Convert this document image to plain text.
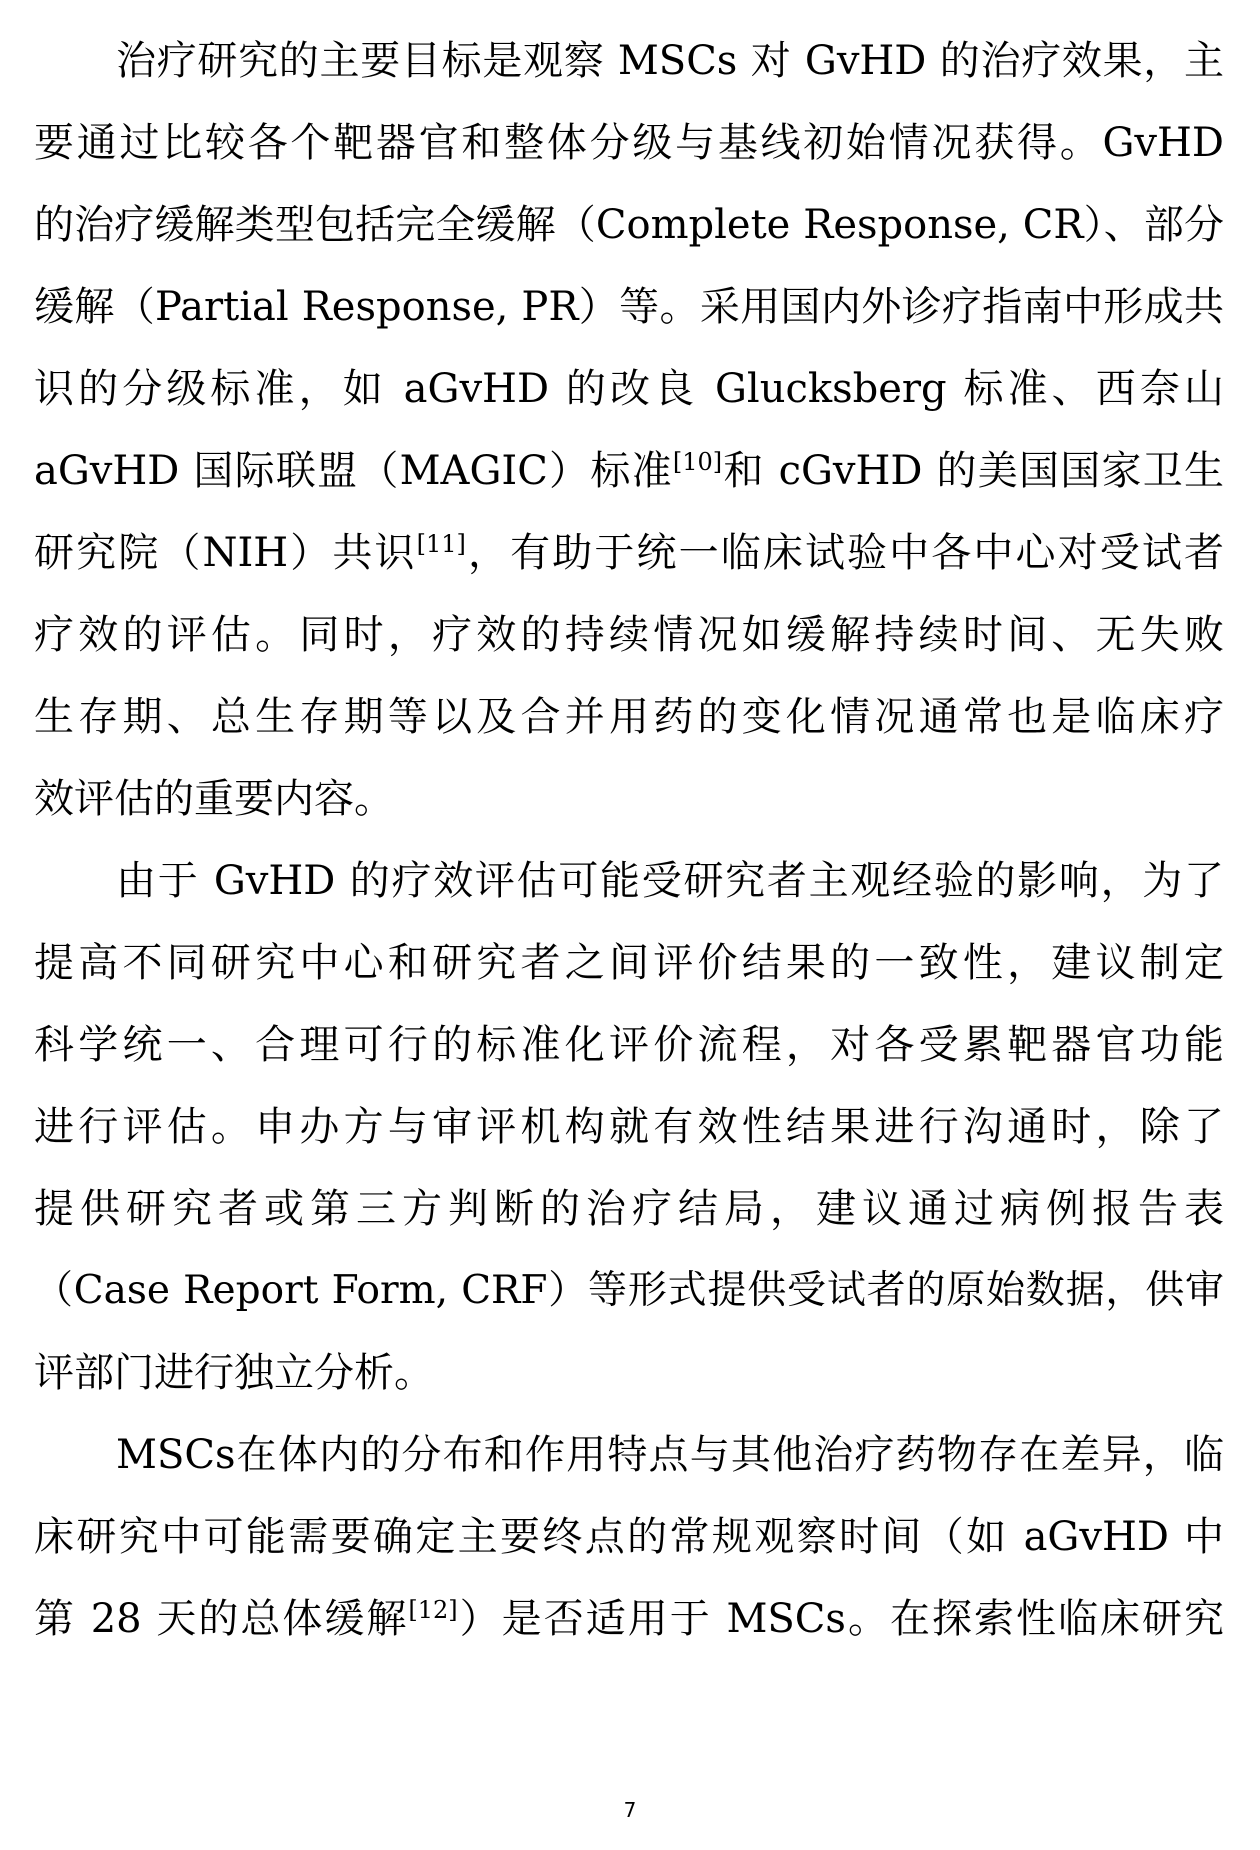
治疗研究的主要目标是观察 MSCs 对 GvHD 的治疗效果，主
要通过比较各个靶器官和整体分级与基线初始情况获得。GvHD
的治疗缓解类型包括完全缓解（Complete Response, CR）、部分
缓解（Partial Response, PR）等。采用国内外诊疗指南中形成共
识的分级标准，如 aGvHD 的改良 Glucksberg 标准、西奈山
aGvHD 国际联盟（MAGIC）标准[10]和 cGvHD 的美国国家卫生
研究院（NIH）共识[11]，有助于统一临床试验中各中心对受试者
疗效的评估。同时，疗效的持续情况如缓解持续时间、无失败
生存期、总生存期等以及合并用药的变化情况通常也是临床疗
效评估的重要内容。
由于 GvHD 的疗效评估可能受研究者主观经验的影响，为了
提高不同研究中心和研究者之间评价结果的一致性，建议制定
科学统一、合理可行的标准化评价流程，对各受累靶器官功能
进行评估。申办方与审评机构就有效性结果进行沟通时，除了
提供研究者或第三方判断的治疗结局，建议通过病例报告表
（Case Report Form, CRF）等形式提供受试者的原始数据，供审
评部门进行独立分析。
MSCs在体内的分布和作用特点与其他治疗药物存在差异，临
床研究中可能需要确定主要终点的常规观察时间（如 aGvHD 中
第 28 天的总体缓解[12]）是否适用于 MSCs。在探索性临床研究
7
